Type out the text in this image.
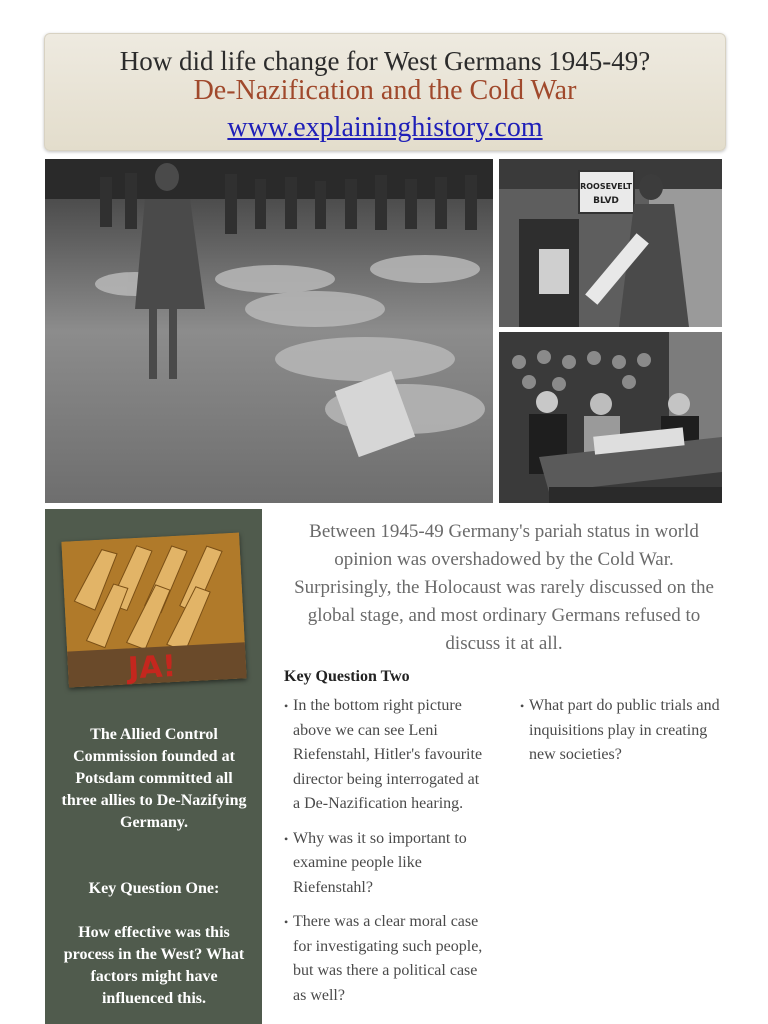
How did life change for West Germans 1945-49?
De-Nazification and the Cold War
www.explaininghistory.com
ROOSEVELT
BLVD
JA!
The Allied Control Commission founded at Potsdam committed all three allies to De-Nazifying Germany.
Key Question One:
How effective was this process in the West? What factors might have influenced this.
Between 1945-49 Germany's pariah status in world opinion was overshadowed by the Cold War. Surprisingly, the Holocaust was rarely discussed on the global stage, and most ordinary Germans refused to discuss it at all.
Key Question Two
• In the bottom right picture above we can see Leni Riefenstahl, Hitler's favourite director being interrogated at a De-Nazification hearing.
• Why was it so important to examine people like Riefenstahl?
• There was a clear moral case for investigating such people, but was there a political case as well?
• What part do public trials and inquisitions play in creating new societies?
